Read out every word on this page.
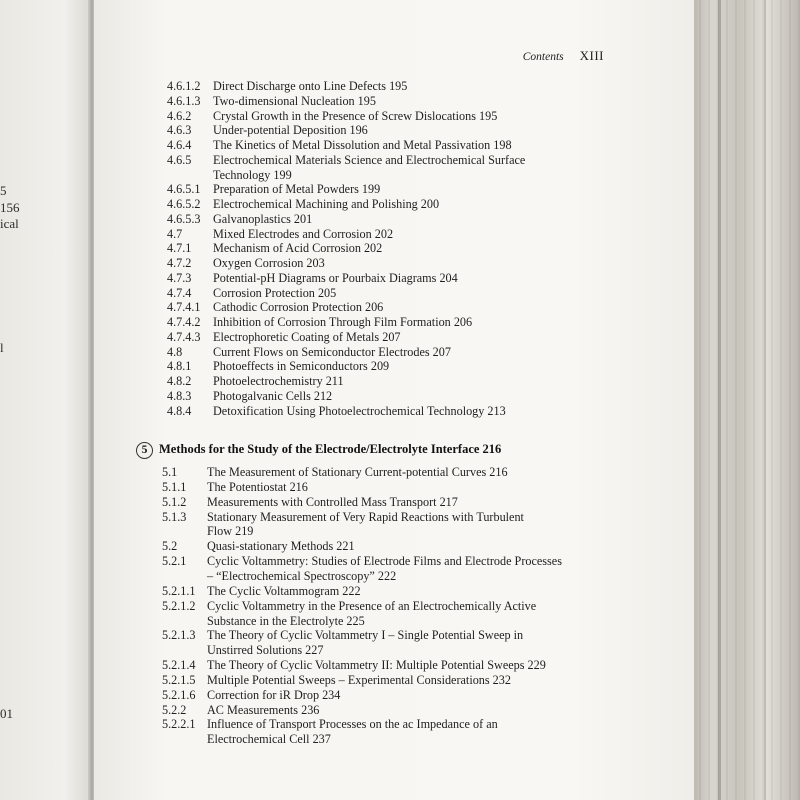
5
156
ical
l
01
Contents XIII
5 Methods for the Study of the Electrode/Electrolyte Interface 216
4.6.1.2 Direct Discharge onto Line Defects 195
4.6.1.3 Two-dimensional Nucleation 195
4.6.2 Crystal Growth in the Presence of Screw Dislocations 195
4.6.3 Under-potential Deposition 196
4.6.4 The Kinetics of Metal Dissolution and Metal Passivation 198
4.6.5 Electrochemical Materials Science and Electrochemical Surface
Technology 199
4.6.5.1 Preparation of Metal Powders 199
4.6.5.2 Electrochemical Machining and Polishing 200
4.6.5.3 Galvanoplastics 201
4.7	Mixed Electrodes and Corrosion 202
4.7.1 Mechanism of Acid Corrosion 202
4.7.2 Oxygen Corrosion 203
4.7.3 Potential-pH Diagrams or Pourbaix Diagrams 204
4.7.4 Corrosion Protection 205
4.7.4.1 Cathodic Corrosion Protection 206
4.7.4.2 Inhibition of Corrosion Through Film Formation 206
4.7.4.3 Electrophoretic Coating of Metals 207
4.8	Current Flows on Semiconductor Electrodes 207
4.8.1 Photoeffects in Semiconductors 209
4.8.2 Photoelectrochemistry 211
4.8.3 Photogalvanic Cells 212
4.8.4 Detoxification Using Photoelectrochemical Technology 213
5.1 The Measurement of Stationary Current-potential Curves 216
5.1.1 The Potentiostat 216
5.1.2 Measurements with Controlled Mass Transport 217
5.1.3 Stationary Measurement of Very Rapid Reactions with Turbulent
Flow 219
5.2 Quasi-stationary Methods 221
5.2.1 Cyclic Voltammetry: Studies of Electrode Films and Electrode Processes
– “Electrochemical Spectroscopy” 222
5.2.1.1 The Cyclic Voltammogram 222
5.2.1.2 Cyclic Voltammetry in the Presence of an Electrochemically Active
Substance in the Electrolyte 225
5.2.1.3 The Theory of Cyclic Voltammetry I – Single Potential Sweep in
Unstirred Solutions 227
5.2.1.4 The Theory of Cyclic Voltammetry II: Multiple Potential Sweeps 229
5.2.1.5 Multiple Potential Sweeps – Experimental Considerations 232
5.2.1.6 Correction for iR Drop 234
5.2.2 AC Measurements 236
5.2.2.1 Influence of Transport Processes on the ac Impedance of an
Electrochemical Cell 237
